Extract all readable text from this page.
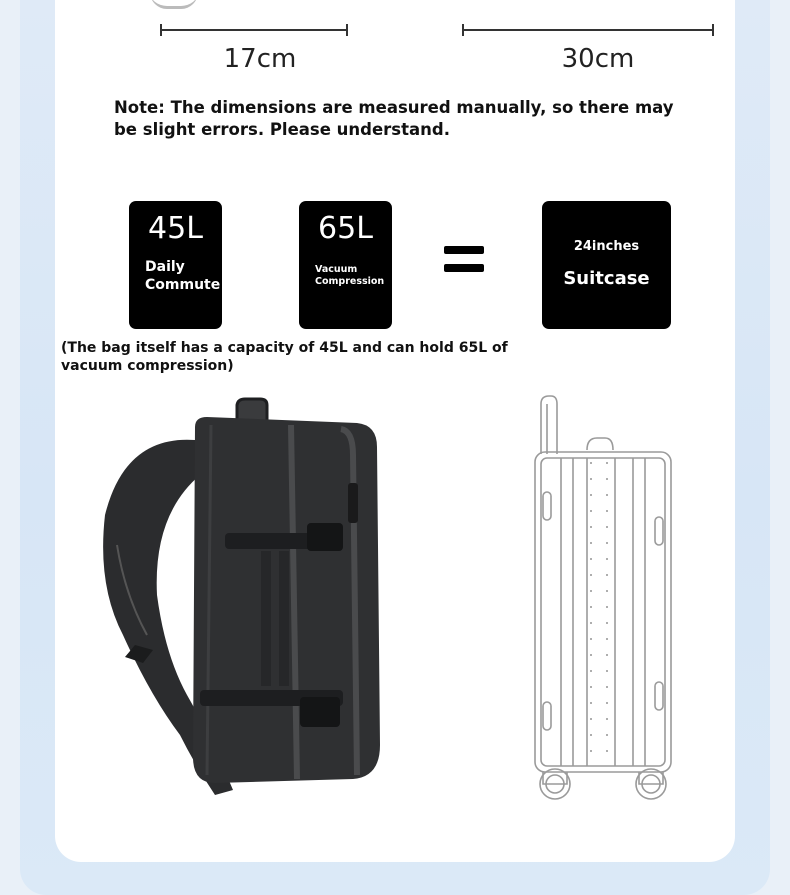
17cm	30cm
Note: The dimensions are measured manually, so there may be slight errors. Please understand.
45L
Daily
Commute
65L
Vacuum
Compression
24inches
Suitcase
(The bag itself has a capacity of 45L and can hold 65L of vacuum compression)
